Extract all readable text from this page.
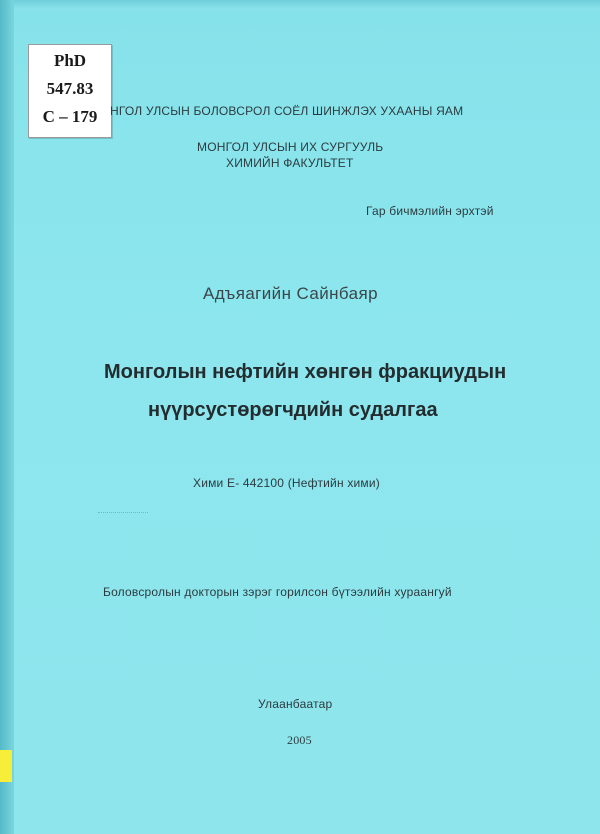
PhD
547.83
C – 179	НГОЛ УЛСЫН БОЛОВСРОЛ СОЁЛ ШИНЖЛЭХ УХААНЫ ЯАМ
МОНГОЛ УЛСЫН ИХ СУРГУУЛЬ
ХИМИЙН ФАКУЛЬТЕТ
Гар бичмэлийн эрхтэй
Адъяагийн Сайнбаяр
Монголын нефтийн хөнгөн фракциудын
нүүрсустөрөгчдийн судалгаа
Хими Е- 442100 (Нефтийн хими)
Боловсролын докторын зэрэг горилсон бүтээлийн хураангуй
Улаанбаатар
2005
